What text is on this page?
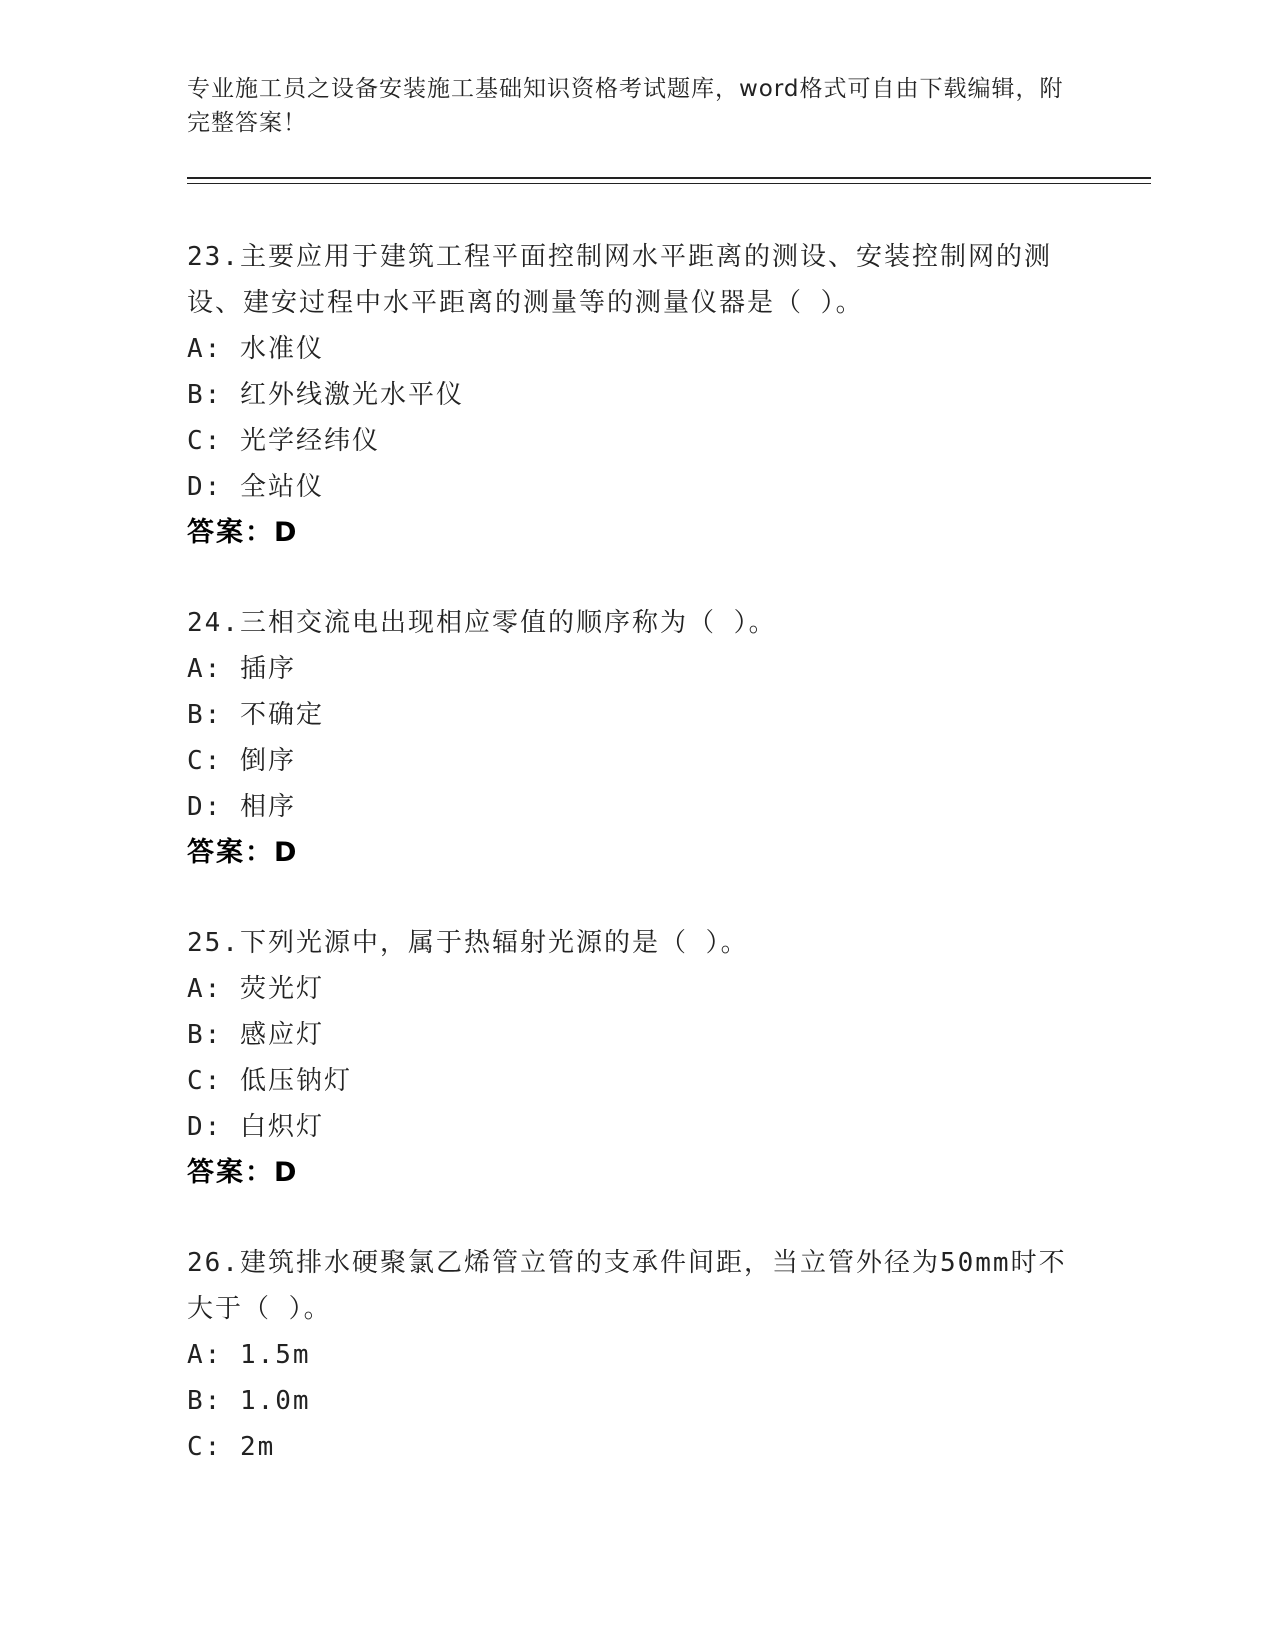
专业施工员之设备安装施工基础知识资格考试题库，word格式可自由下载编辑，附完整答案！
23.主要应用于建筑工程平面控制网水平距离的测设、安装控制网的测设、建安过程中水平距离的测量等的测量仪器是（ ）。
A: 水准仪
B: 红外线激光水平仪
C: 光学经纬仪
D: 全站仪
答案：D
24.三相交流电出现相应零值的顺序称为（ ）。
A: 插序
B: 不确定
C: 倒序
D: 相序
答案：D
25.下列光源中，属于热辐射光源的是（ ）。
A: 荧光灯
B: 感应灯
C: 低压钠灯
D: 白炽灯
答案：D
26.建筑排水硬聚氯乙烯管立管的支承件间距，当立管外径为50mm时不大于（ ）。
A: 1.5m
B: 1.0m
C: 2m
